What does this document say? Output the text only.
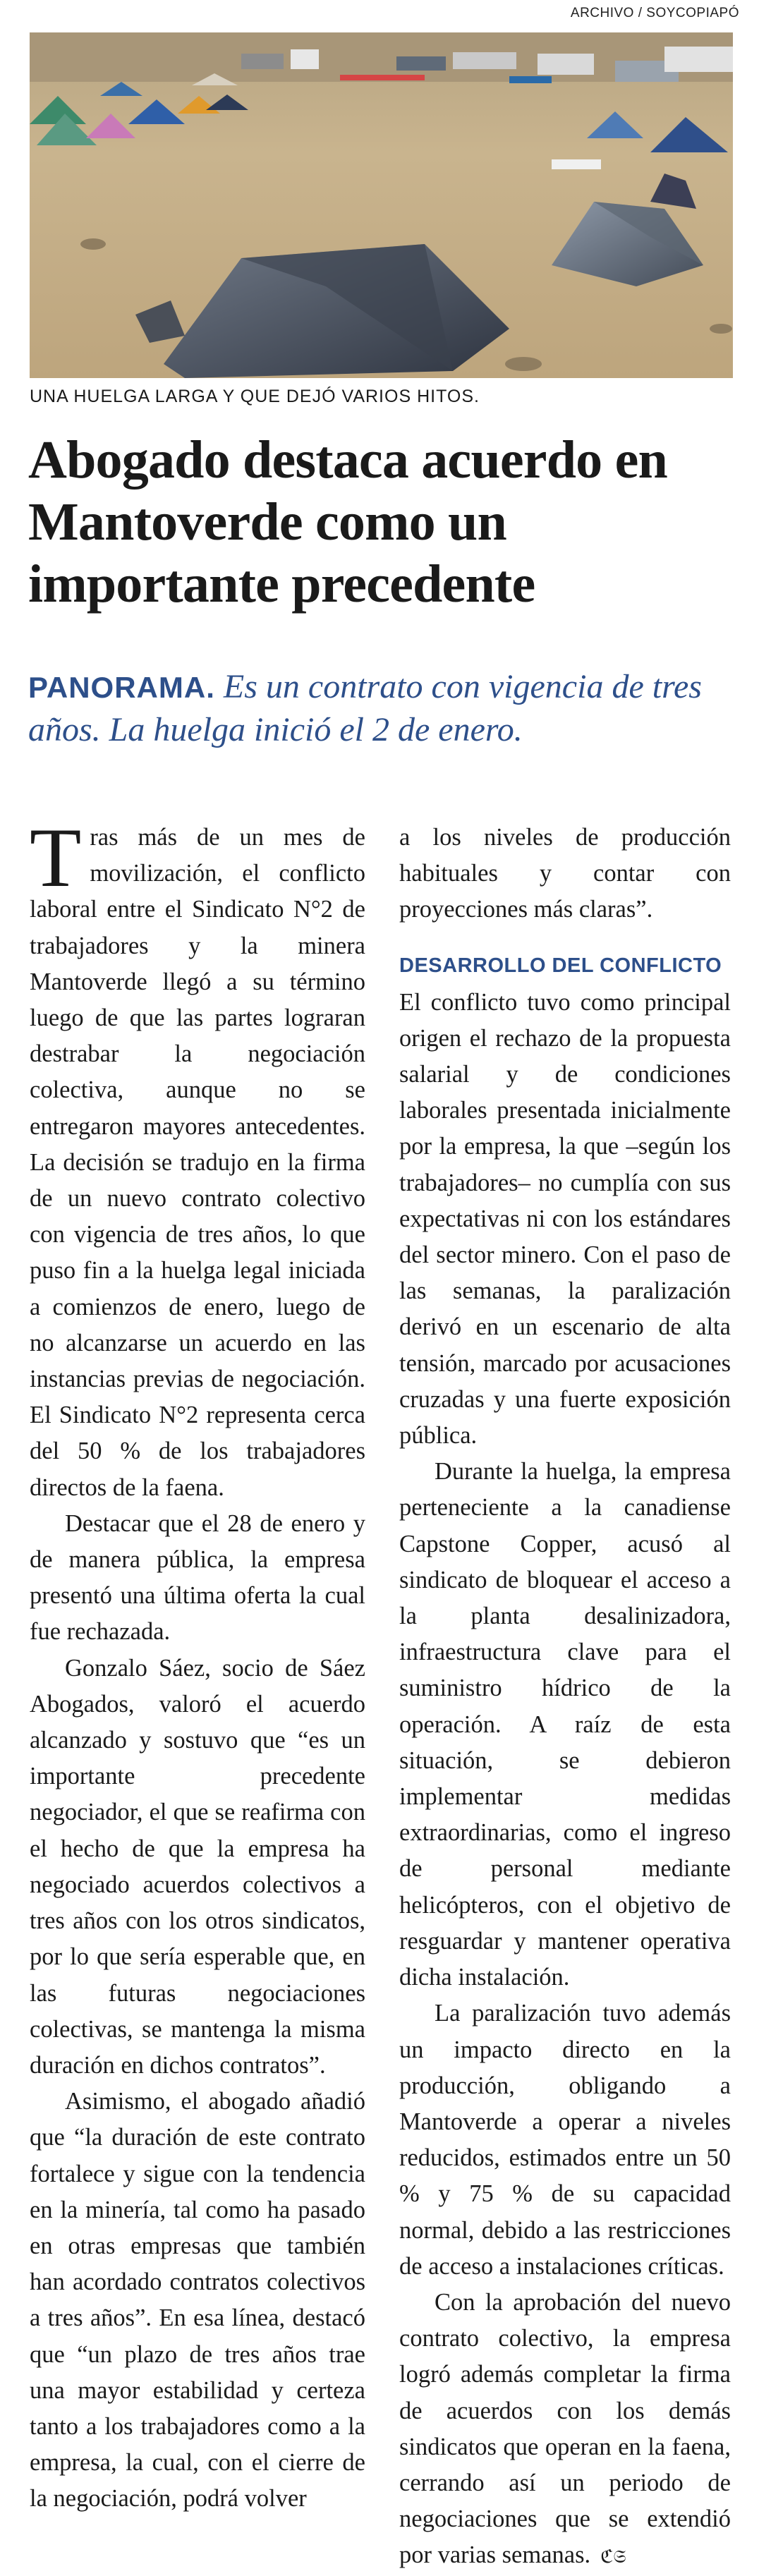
ARCHIVO / SOYCOPIAPÓ
UNA HUELGA LARGA Y QUE DEJÓ VARIOS HITOS.
Abogado destaca acuerdo en Mantoverde como un importante precedente

PANORAMA. Es un contrato con vigencia de tres años. La huelga inició el 2 de enero.

Tras más de un mes de movilización, el conflicto laboral entre el Sindicato N°2 de trabajadores y la minera Mantoverde llegó a su término luego de que las partes lograran destrabar la negociación colectiva, aunque no se entregaron mayores antecedentes. La decisión se tradujo en la firma de un nuevo contrato colectivo con vigencia de tres años, lo que puso fin a la huelga legal iniciada a comienzos de enero, luego de no alcanzarse un acuerdo en las instancias previas de negociación. El Sindicato N°2 representa cerca del 50 % de los trabajadores directos de la faena.

Destacar que el 28 de enero y de manera pública, la empresa presentó una última oferta la cual fue rechazada.

Gonzalo Sáez, socio de Sáez Abogados, valoró el acuerdo alcanzado y sostuvo que “es un importante precedente negociador, el que se reafirma con el hecho de que la empresa ha negociado acuerdos colectivos a tres años con los otros sindicatos, por lo que sería esperable que, en las futuras negociaciones colectivas, se mantenga la misma duración en dichos contratos”.

Asimismo, el abogado añadió que “la duración de este contrato fortalece y sigue con la tendencia en la minería, tal como ha pasado en otras empresas que también han acordado contratos colectivos a tres años”. En esa línea, destacó que “un plazo de tres años trae una mayor estabilidad y certeza tanto a los trabajadores como a la empresa, la cual, con el cierre de la negociación, podrá volver

a los niveles de producción habituales y contar con proyecciones más claras”.

DESARROLLO DEL CONFLICTO

El conflicto tuvo como principal origen el rechazo de la propuesta salarial y de condiciones laborales presentada inicialmente por la empresa, la que –según los trabajadores– no cumplía con sus expectativas ni con los estándares del sector minero. Con el paso de las semanas, la paralización derivó en un escenario de alta tensión, marcado por acusaciones cruzadas y una fuerte exposición pública.

Durante la huelga, la empresa perteneciente a la canadiense Capstone Copper, acusó al sindicato de bloquear el acceso a la planta desalinizadora, infraestructura clave para el suministro hídrico de la operación. A raíz de esta situación, se debieron implementar medidas extraordinarias, como el ingreso de personal mediante helicópteros, con el objetivo de resguardar y mantener operativa dicha instalación.

La paralización tuvo además un impacto directo en la producción, obligando a Mantoverde a operar a niveles reducidos, estimados entre un 50 % y 75 % de su capacidad normal, debido a las restricciones de acceso a instalaciones críticas.

Con la aprobación del nuevo contrato colectivo, la empresa logró además completar la firma de acuerdos con los demás sindicatos que operan en la faena, cerrando así un periodo de negociaciones que se extendió por varias semanas. ℭ𝔖
